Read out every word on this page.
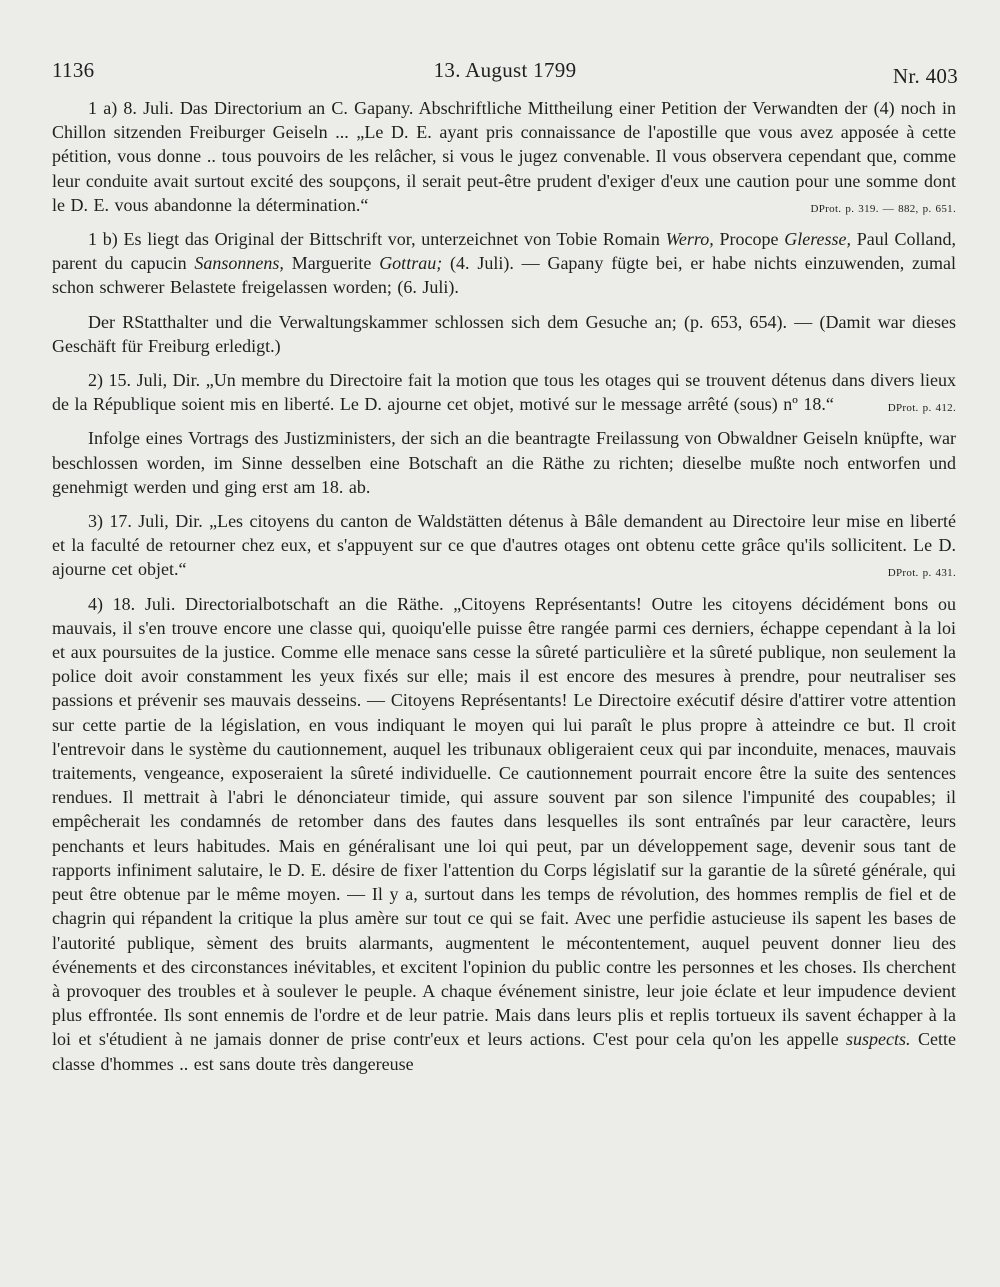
1136	13. August 1799	Nr. 403

1 a) 8. Juli. Das Directorium an C. Gapany. Abschriftliche Mittheilung einer Petition der Verwandten der (4) noch in Chillon sitzenden Freiburger Geiseln ... „Le D. E. ayant pris connaissance de l'apostille que vous avez apposée à cette pétition, vous donne .. tous pouvoirs de les relâcher, si vous le jugez convenable. Il vous observera cependant que, comme leur conduite avait surtout excité des soupçons, il serait peut-être prudent d'exiger d'eux une caution pour une somme dont le D. E. vous abandonne la détermination.“	DProt. p. 319. — 882, p. 651.

1 b) Es liegt das Original der Bittschrift vor, unterzeichnet von Tobie Romain Werro, Procope Gleresse, Paul Colland, parent du capucin Sansonnens, Marguerite Gottrau; (4. Juli). — Gapany fügte bei, er habe nichts einzuwenden, zumal schon schwerer Belastete freigelassen worden; (6. Juli).

Der RStatthalter und die Verwaltungskammer schlossen sich dem Gesuche an; (p. 653, 654). — (Damit war dieses Geschäft für Freiburg erledigt.)

2) 15. Juli, Dir. „Un membre du Directoire fait la motion que tous les otages qui se trouvent détenus dans divers lieux de la République soient mis en liberté. Le D. ajourne cet objet, motivé sur le message arrêté (sous) nº 18.“	DProt. p. 412.

Infolge eines Vortrags des Justizministers, der sich an die beantragte Freilassung von Obwaldner Geiseln knüpfte, war beschlossen worden, im Sinne desselben eine Botschaft an die Räthe zu richten; dieselbe mußte noch entworfen und genehmigt werden und ging erst am 18. ab.

3) 17. Juli, Dir. „Les citoyens du canton de Waldstätten détenus à Bâle demandent au Directoire leur mise en liberté et la faculté de retourner chez eux, et s'appuyent sur ce que d'autres otages ont obtenu cette grâce qu'ils sollicitent. Le D. ajourne cet objet.“	DProt. p. 431.

4) 18. Juli. Directorialbotschaft an die Räthe. „Citoyens Représentants! Outre les citoyens décidément bons ou mauvais, il s'en trouve encore une classe qui, quoiqu'elle puisse être rangée parmi ces derniers, échappe cependant à la loi et aux poursuites de la justice. Comme elle menace sans cesse la sûreté particulière et la sûreté publique, non seulement la police doit avoir constamment les yeux fixés sur elle; mais il est encore des mesures à prendre, pour neutraliser ses passions et prévenir ses mauvais desseins. — Citoyens Représentants! Le Directoire exécutif désire d'attirer votre attention sur cette partie de la législation, en vous indiquant le moyen qui lui paraît le plus propre à atteindre ce but. Il croit l'entrevoir dans le système du cautionnement, auquel les tribunaux obligeraient ceux qui par inconduite, menaces, mauvais traitements, vengeance, exposeraient la sûreté individuelle. Ce cautionnement pourrait encore être la suite des sentences rendues. Il mettrait à l'abri le dénonciateur timide, qui assure souvent par son silence l'impunité des coupables; il empêcherait les condamnés de retomber dans des fautes dans lesquelles ils sont entraînés par leur caractère, leurs penchants et leurs habitudes. Mais en généralisant une loi qui peut, par un développement sage, devenir sous tant de rapports infiniment salutaire, le D. E. désire de fixer l'attention du Corps législatif sur la garantie de la sûreté générale, qui peut être obtenue par le même moyen. — Il y a, surtout dans les temps de révolution, des hommes remplis de fiel et de chagrin qui répandent la critique la plus amère sur tout ce qui se fait. Avec une perfidie astucieuse ils sapent les bases de l'autorité publique, sèment des bruits alarmants, augmentent le mécontentement, auquel peuvent donner lieu des événements et des circonstances inévitables, et excitent l'opinion du public contre les personnes et les choses. Ils cherchent à provoquer des troubles et à soulever le peuple. A chaque événement sinistre, leur joie éclate et leur impudence devient plus effrontée. Ils sont ennemis de l'ordre et de leur patrie. Mais dans leurs plis et replis tortueux ils savent échapper à la loi et s'étudient à ne jamais donner de prise contr'eux et leurs actions. C'est pour cela qu'on les appelle suspects. Cette classe d'hommes .. est sans doute très dangereuse
